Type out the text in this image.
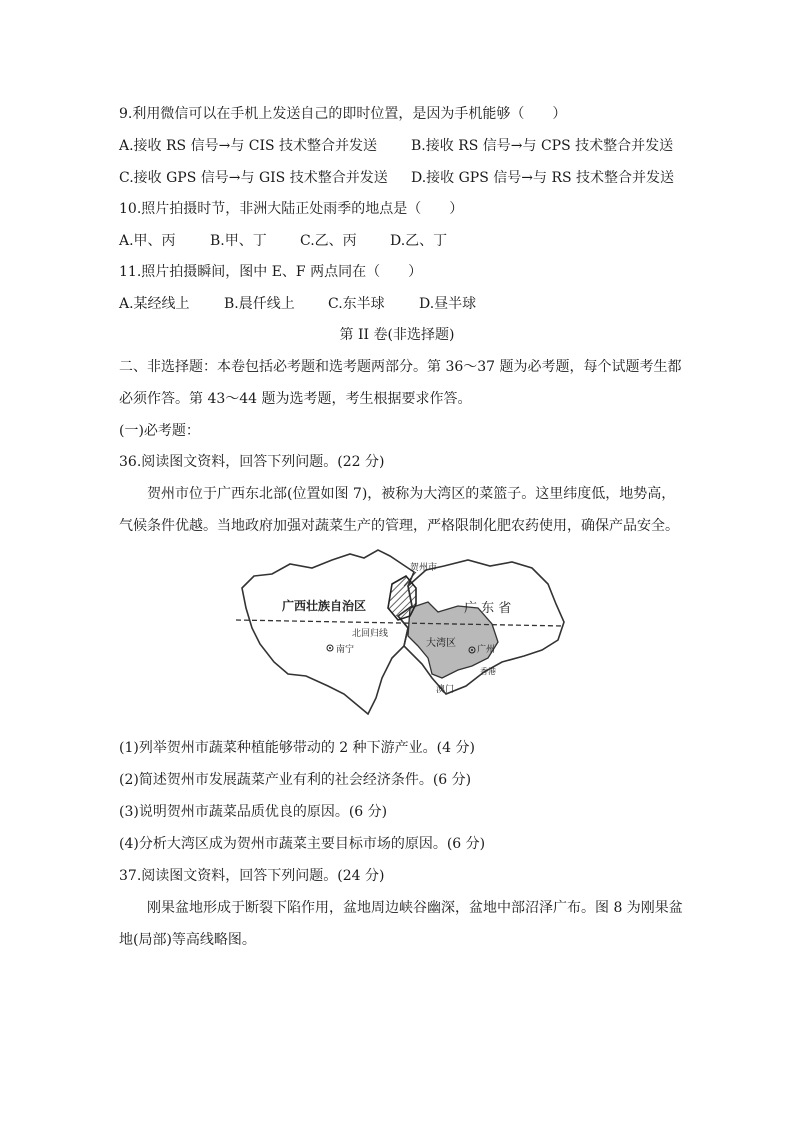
9.利用微信可以在手机上发送自己的即时位置，是因为手机能够（　　）
A.接收 RS 信号→与 CIS 技术整合并发送 B.接收 RS 信号→与 CPS 技术整合并发送
C.接收 GPS 信号→与 GIS 技术整合并发送 D.接收 GPS 信号→与 RS 技术整合并发送
10.照片拍摄时节，非洲大陆正处雨季的地点是（　　）
A.甲、丙 B.甲、丁 C.乙、丙 D.乙、丁
11.照片拍摄瞬间，图中 E、F 两点同在（　　）
A.某经线上 B.晨仟线上 C.东半球 D.昼半球
第 II 卷(非选择题)
二、非选择题：本卷包括必考题和选考题两部分。第 36～37 题为必考题，每个试题考生都
必须作答。第 43～44 题为选考题，考生根据要求作答。
(一)必考题：
36.阅读图文资料，回答下列问题。(22 分)
贺州市位于广西东北部(位置如图 7)，被称为大湾区的菜篮子。这里纬度低，地势高，
气候条件优越。当地政府加强对蔬菜生产的管理，严格限制化肥农药使用，确保产品安全。
广西壮族自治区
贺州市
广 东 省
北回归线
南宁
大湾区
广州
香港
澳门
(1)列举贺州市蔬菜种植能够带动的 2 种下游产业。(4 分)
(2)简述贺州市发展蔬菜产业有利的社会经济条件。(6 分)
(3)说明贺州市蔬菜品质优良的原因。(6 分)
(4)分析大湾区成为贺州市蔬菜主要目标市场的原因。(6 分)
37.阅读图文资料，回答下列问题。(24 分)
刚果盆地形成于断裂下陷作用，盆地周边峡谷幽深，盆地中部沼泽广布。图 8 为刚果盆
地(局部)等高线略图。
